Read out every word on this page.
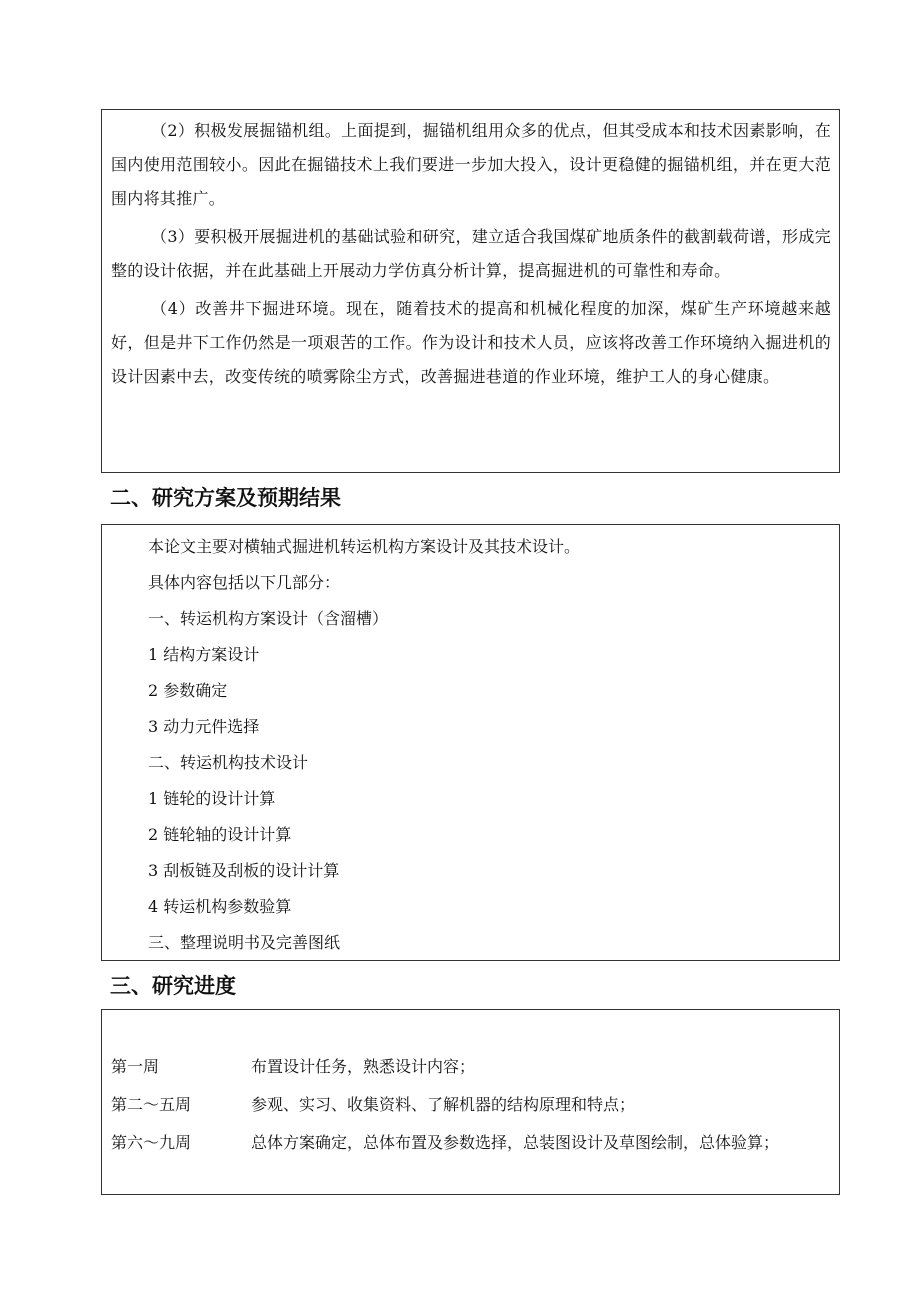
（2）积极发展掘锚机组。上面提到，掘锚机组用众多的优点，但其受成本和技术因素影响，在国内使用范围较小。因此在掘锚技术上我们要进一步加大投入，设计更稳健的掘锚机组，并在更大范围内将其推广。

（3）要积极开展掘进机的基础试验和研究，建立适合我国煤矿地质条件的截割载荷谱，形成完整的设计依据，并在此基础上开展动力学仿真分析计算，提高掘进机的可靠性和寿命。

（4）改善井下掘进环境。现在，随着技术的提高和机械化程度的加深，煤矿生产环境越来越好，但是井下工作仍然是一项艰苦的工作。作为设计和技术人员，应该将改善工作环境纳入掘进机的设计因素中去，改变传统的喷雾除尘方式，改善掘进巷道的作业环境，维护工人的身心健康。

二、研究方案及预期结果
本论文主要对横轴式掘进机转运机构方案设计及其技术设计。
具体内容包括以下几部分：
一、转运机构方案设计（含溜槽）
1 结构方案设计
2 参数确定
3 动力元件选择
二、转运机构技术设计
1 链轮的设计计算
2 链轮轴的设计计算
3 刮板链及刮板的设计计算
4 转运机构参数验算
三、整理说明书及完善图纸
三、研究进度
第一周	布置设计任务，熟悉设计内容；
第二～五周	参观、实习、收集资料、了解机器的结构原理和特点；
第六～九周	总体方案确定，总体布置及参数选择，总装图设计及草图绘制，总体验算；
